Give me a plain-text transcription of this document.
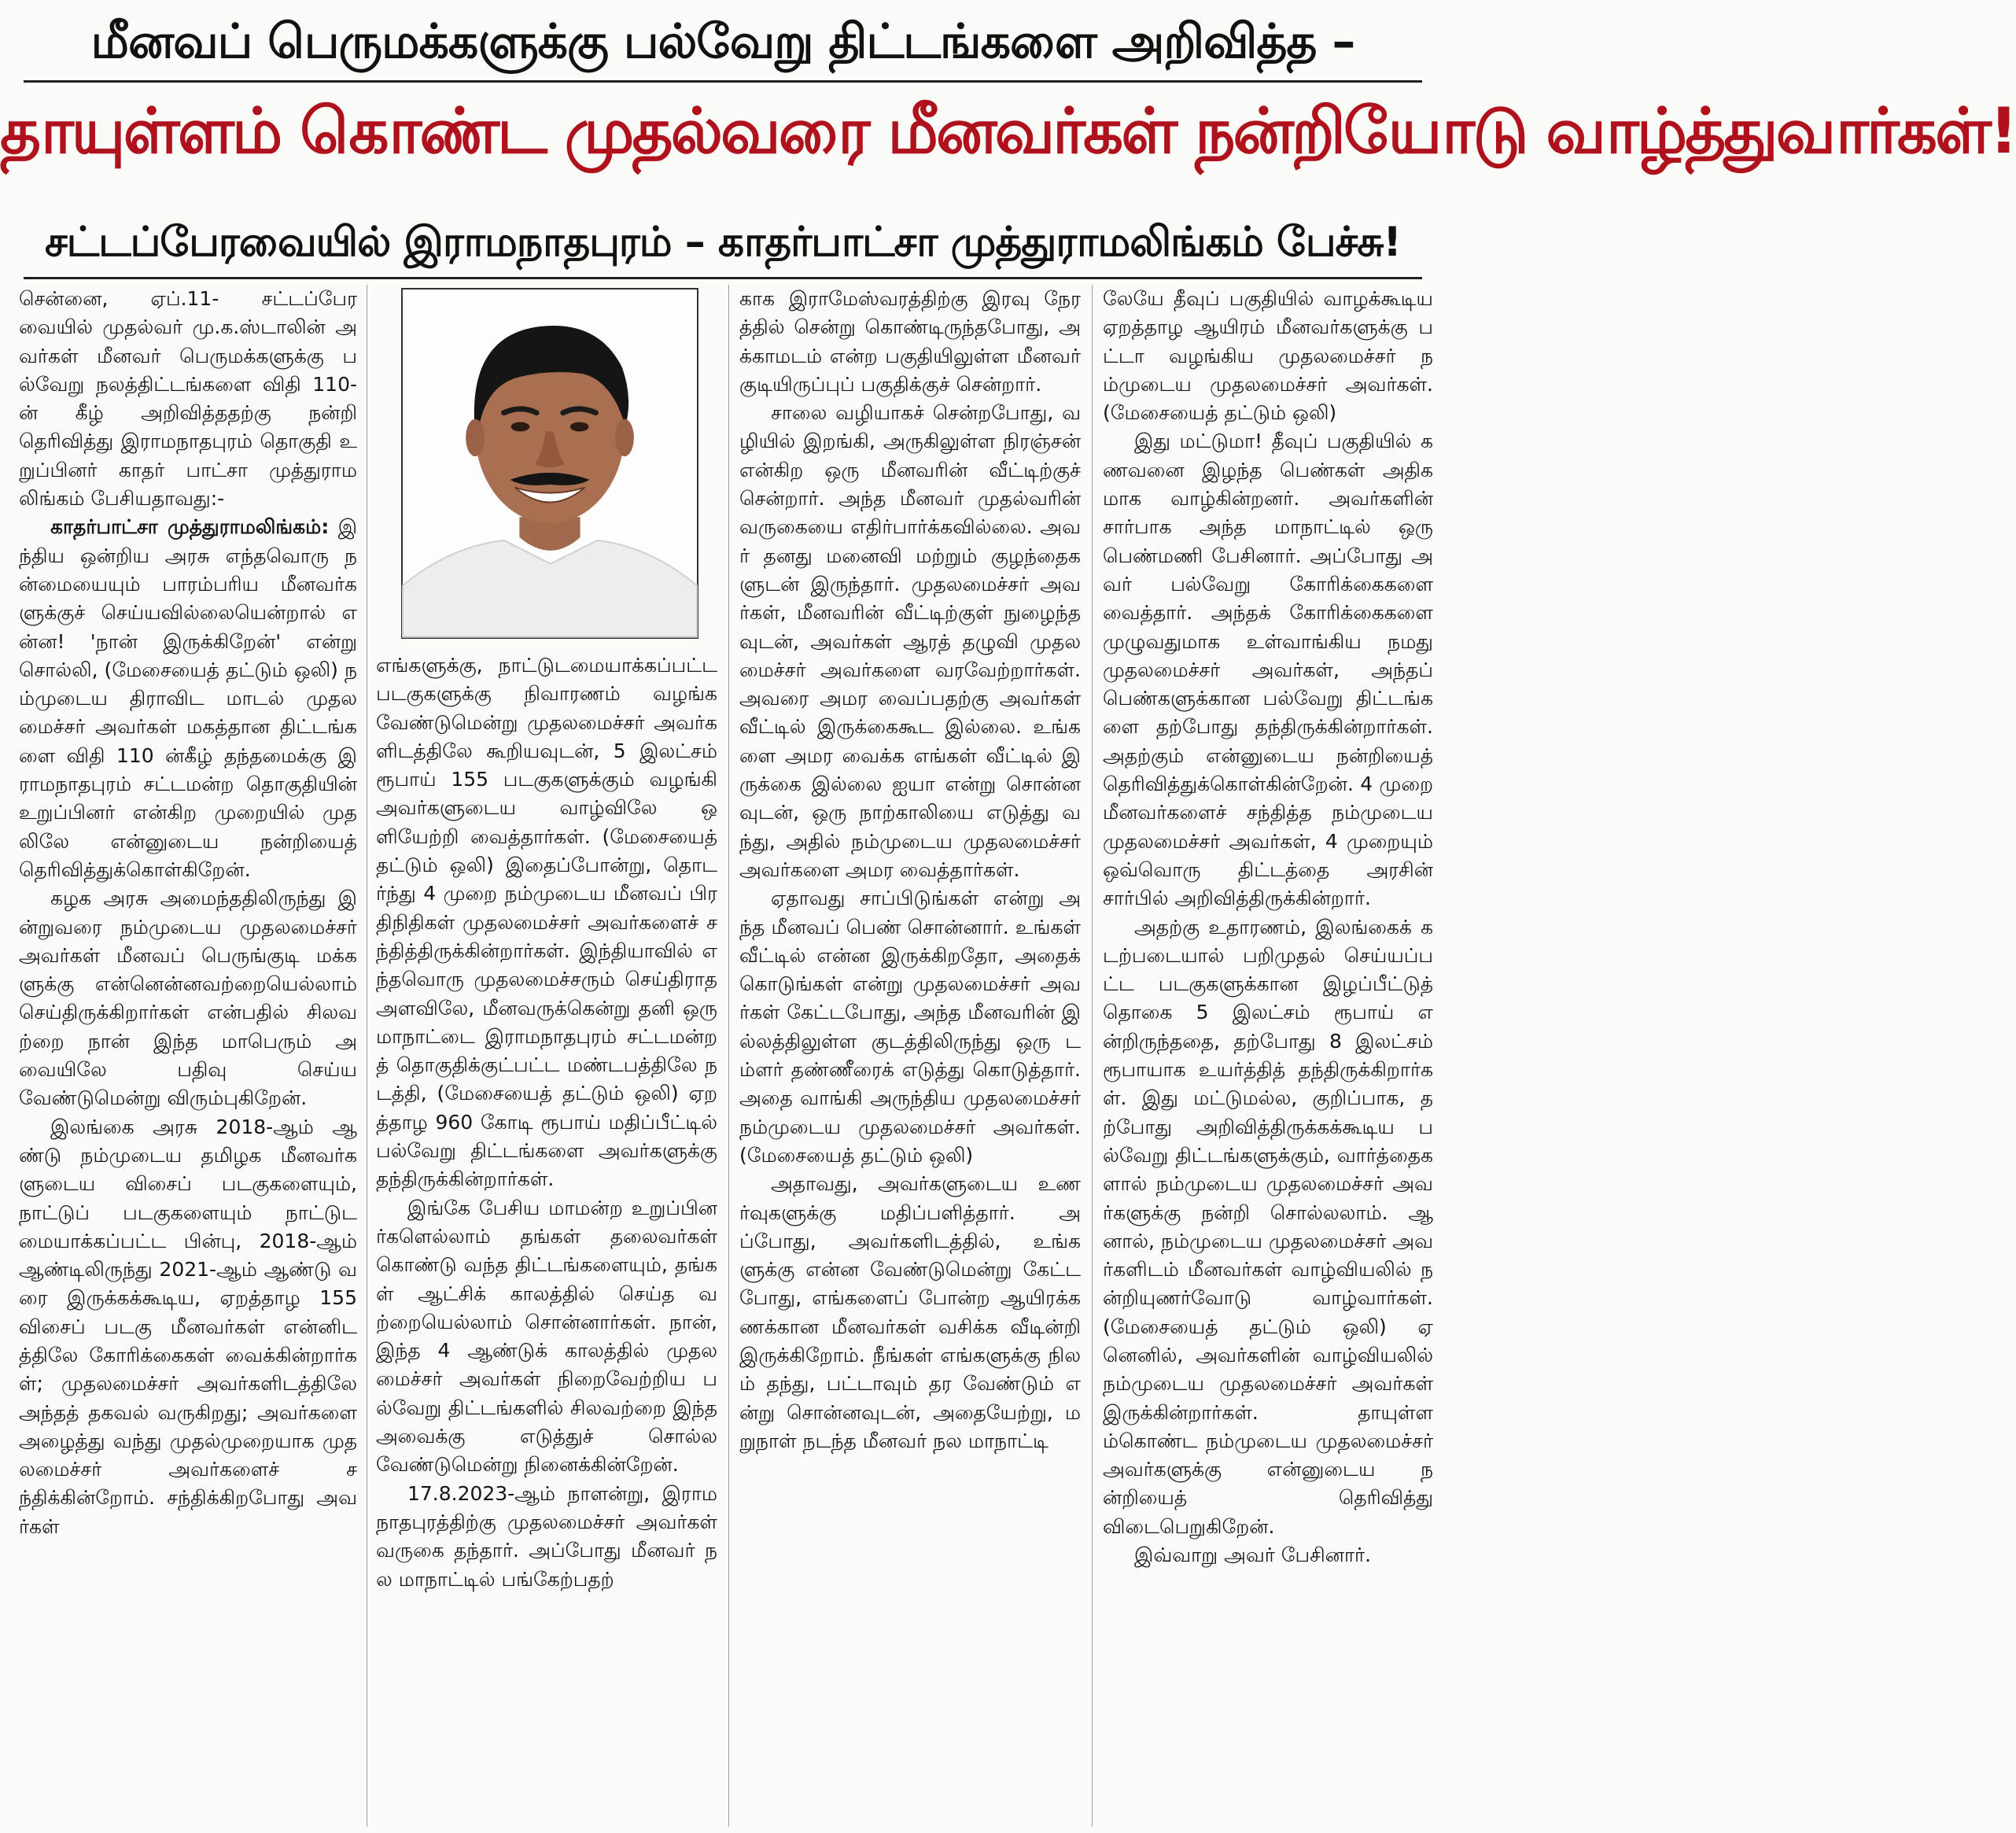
மீனவப் பெருமக்களுக்கு பல்வேறு திட்டங்களை அறிவித்த –
தாயுள்ளம் கொண்ட முதல்வரை மீனவர்கள் நன்றியோடு வாழ்த்துவார்கள்!
சட்டப்பேரவையில் இராமநாதபுரம் – காதர்பாட்சா முத்துராமலிங்கம் பேச்சு!

சென்னை, ஏப்.11- சட்டப்பேரவையில் முதல்வர் மு.க.ஸ்டாலின் அவர்கள் மீனவர் பெருமக்களுக்கு பல்வேறு நலத்திட்டங்களை விதி 110-ன் கீழ் அறிவித்ததற்கு நன்றி தெரிவித்து இராமநாதபுரம் தொகுதி உறுப்பினர் காதர் பாட்சா முத்துராமலிங்கம் பேசியதாவது:-

காதர்பாட்சா முத்துராமலிங்கம்: இந்திய ஒன்றிய அரசு எந்தவொரு நன்மையையும் பாரம்பரிய மீனவர்களுக்குச் செய்யவில்லையென்றால் என்ன! 'நான் இருக்கிறேன்' என்று சொல்லி, (மேசையைத் தட்டும் ஒலி) நம்முடைய திராவிட மாடல் முதலமைச்சர் அவர்கள் மகத்தான திட்டங்களை விதி 110 ன்கீழ் தந்தமைக்கு இராமநாதபுரம் சட்டமன்ற தொகுதியின் உறுப்பினர் என்கிற முறையில் முதலிலே என்னுடைய நன்றியைத் தெரிவித்துக்கொள்கிறேன்.

கழக அரசு அமைந்ததிலிருந்து இன்றுவரை நம்முடைய முதலமைச்சர் அவர்கள் மீனவப் பெருங்குடி மக்களுக்கு என்னென்னவற்றையெல்லாம் செய்திருக்கிறார்கள் என்பதில் சிலவற்றை நான் இந்த மாபெரும் அவையிலே பதிவு செய்ய வேண்டுமென்று விரும்புகிறேன்.

இலங்கை அரசு 2018-ஆம் ஆண்டு நம்முடைய தமிழக மீனவர்களுடைய விசைப் படகுகளையும், நாட்டுப் படகுகளையும் நாட்டுடமையாக்கப்பட்ட பின்பு, 2018-ஆம் ஆண்டிலிருந்து 2021-ஆம் ஆண்டு வரை இருக்கக்கூடிய, ஏறத்தாழ 155 விசைப் படகு மீனவர்கள் என்னிடத்திலே கோரிக்கைகள் வைக்கின்றார்கள்; முதலமைச்சர் அவர்களிடத்திலே அந்தத் தகவல் வருகிறது; அவர்களை அழைத்து வந்து முதல்முறையாக முதலமைச்சர் அவர்களைச் சந்திக்கின்றோம். சந்திக்கிறபோது அவர்கள்

எங்களுக்கு, நாட்டுடமையாக்கப்பட்ட படகுகளுக்கு நிவாரணம் வழங்க வேண்டுமென்று முதலமைச்சர் அவர்களிடத்திலே கூறியவுடன், 5 இலட்சம் ரூபாய் 155 படகுகளுக்கும் வழங்கி அவர்களுடைய வாழ்விலே ஒளியேற்றி வைத்தார்கள். (மேசையைத் தட்டும் ஒலி) இதைப்போன்று, தொடர்ந்து 4 முறை நம்முடைய மீனவப் பிரதிநிதிகள் முதலமைச்சர் அவர்களைச் சந்தித்திருக்கின்றார்கள். இந்தியாவில் எந்தவொரு முதலமைச்சரும் செய்திராத அளவிலே, மீனவருக்கென்று தனி ஒரு மாநாட்டை இராமநாதபுரம் சட்டமன்றத் தொகுதிக்குட்பட்ட மண்டபத்திலே நடத்தி, (மேசையைத் தட்டும் ஒலி) ஏறத்தாழ 960 கோடி ரூபாய் மதிப்பீட்டில் பல்வேறு திட்டங்களை அவர்களுக்கு தந்திருக்கின்றார்கள்.

இங்கே பேசிய மாமன்ற உறுப்பினர்களெல்லாம் தங்கள் தலைவர்கள் கொண்டு வந்த திட்டங்களையும், தங்கள் ஆட்சிக் காலத்தில் செய்த வற்றையெல்லாம் சொன்னார்கள். நான், இந்த 4 ஆண்டுக் காலத்தில் முதலமைச்சர் அவர்கள் நிறைவேற்றிய பல்வேறு திட்டங்களில் சிலவற்றை இந்த அவைக்கு எடுத்துச் சொல்ல வேண்டுமென்று நினைக்கின்றேன்.

17.8.2023-ஆம் நாளன்று, இராமநாதபுரத்திற்கு முதலமைச்சர் அவர்கள் வருகை தந்தார். அப்போது மீனவர் நல மாநாட்டில் பங்கேற்பதற்

காக இராமேஸ்வரத்திற்கு இரவு நேரத்தில் சென்று கொண்டிருந்தபோது, அக்காமடம் என்ற பகுதியிலுள்ள மீனவர் குடியிருப்புப் பகுதிக்குச் சென்றார்.

சாலை வழியாகச் சென்றபோது, வழியில் இறங்கி, அருகிலுள்ள நிரஞ்சன் என்கிற ஒரு மீனவரின் வீட்டிற்குச் சென்றார். அந்த மீனவர் முதல்வரின் வருகையை எதிர்பார்க்கவில்லை. அவர் தனது மனைவி மற்றும் குழந்தைகளுடன் இருந்தார். முதலமைச்சர் அவர்கள், மீனவரின் வீட்டிற்குள் நுழைந்தவுடன், அவர்கள் ஆரத் தழுவி முதலமைச்சர் அவர்களை வரவேற்றார்கள். அவரை அமர வைப்பதற்கு அவர்கள் வீட்டில் இருக்கைகூட இல்லை. உங்களை அமர வைக்க எங்கள் வீட்டில் இருக்கை இல்லை ஐயா என்று சொன்னவுடன், ஒரு நாற்காலியை எடுத்து வந்து, அதில் நம்முடைய முதலமைச்சர் அவர்களை அமர வைத்தார்கள்.

ஏதாவது சாப்பிடுங்கள் என்று அந்த மீனவப் பெண் சொன்னார். உங்கள் வீட்டில் என்ன இருக்கிறதோ, அதைக் கொடுங்கள் என்று முதலமைச்சர் அவர்கள் கேட்டபோது, அந்த மீனவரின் இல்லத்திலுள்ள குடத்திலிருந்து ஒரு டம்ளர் தண்ணீரைக் எடுத்து கொடுத்தார். அதை வாங்கி அருந்திய முதலமைச்சர் நம்முடைய முதலமைச்சர் அவர்கள். (மேசையைத் தட்டும் ஒலி)

அதாவது, அவர்களுடைய உணர்வுகளுக்கு மதிப்பளித்தார். அப்போது, அவர்களிடத்தில், உங்களுக்கு என்ன வேண்டுமென்று கேட்டபோது, எங்களைப் போன்ற ஆயிரக்கணக்கான மீனவர்கள் வசிக்க வீடின்றி இருக்கிறோம். நீங்கள் எங்களுக்கு நிலம் தந்து, பட்டாவும் தர வேண்டும் என்று சொன்னவுடன், அதையேற்று, மறுநாள் நடந்த மீனவர் நல மாநாட்டி

லேயே தீவுப் பகுதியில் வாழக்கூடிய ஏறத்தாழ ஆயிரம் மீனவர்களுக்கு பட்டா வழங்கிய முதலமைச்சர் நம்முடைய முதலமைச்சர் அவர்கள். (மேசையைத் தட்டும் ஒலி)

இது மட்டுமா! தீவுப் பகுதியில் கணவனை இழந்த பெண்கள் அதிகமாக வாழ்கின்றனர். அவர்களின் சார்பாக அந்த மாநாட்டில் ஒரு பெண்மணி பேசினார். அப்போது அவர் பல்வேறு கோரிக்கைகளை வைத்தார். அந்தக் கோரிக்கைகளை முழுவதுமாக உள்வாங்கிய நமது முதலமைச்சர் அவர்கள், அந்தப் பெண்களுக்கான பல்வேறு திட்டங்களை தற்போது தந்திருக்கின்றார்கள். அதற்கும் என்னுடைய நன்றியைத் தெரிவித்துக்கொள்கின்றேன். 4 முறை மீனவர்களைச் சந்தித்த நம்முடைய முதலமைச்சர் அவர்கள், 4 முறையும் ஒவ்வொரு திட்டத்தை அரசின் சார்பில் அறிவித்திருக்கின்றார்.

அதற்கு உதாரணம், இலங்கைக் கடற்படையால் பறிமுதல் செய்யப்பட்ட படகுகளுக்கான இழப்பீட்டுத் தொகை 5 இலட்சம் ரூபாய் என்றிருந்ததை, தற்போது 8 இலட்சம் ரூபாயாக உயர்த்தித் தந்திருக்கிறார்கள். இது மட்டுமல்ல, குறிப்பாக, தற்போது அறிவித்திருக்கக்கூடிய பல்வேறு திட்டங்களுக்கும், வார்த்தைகளால் நம்முடைய முதலமைச்சர் அவர்களுக்கு நன்றி சொல்லலாம். ஆனால், நம்முடைய முதலமைச்சர் அவர்களிடம் மீனவர்கள் வாழ்வியலில் நன்றியுணர்வோடு வாழ்வார்கள். (மேசையைத் தட்டும் ஒலி) ஏனெனில், அவர்களின் வாழ்வியலில் நம்முடைய முதலமைச்சர் அவர்கள் இருக்கின்றார்கள். தாயுள்ளம்கொண்ட நம்முடைய முதலமைச்சர் அவர்களுக்கு என்னுடைய நன்றியைத் தெரிவித்து விடைபெறுகிறேன்.

இவ்வாறு அவர் பேசினார்.
